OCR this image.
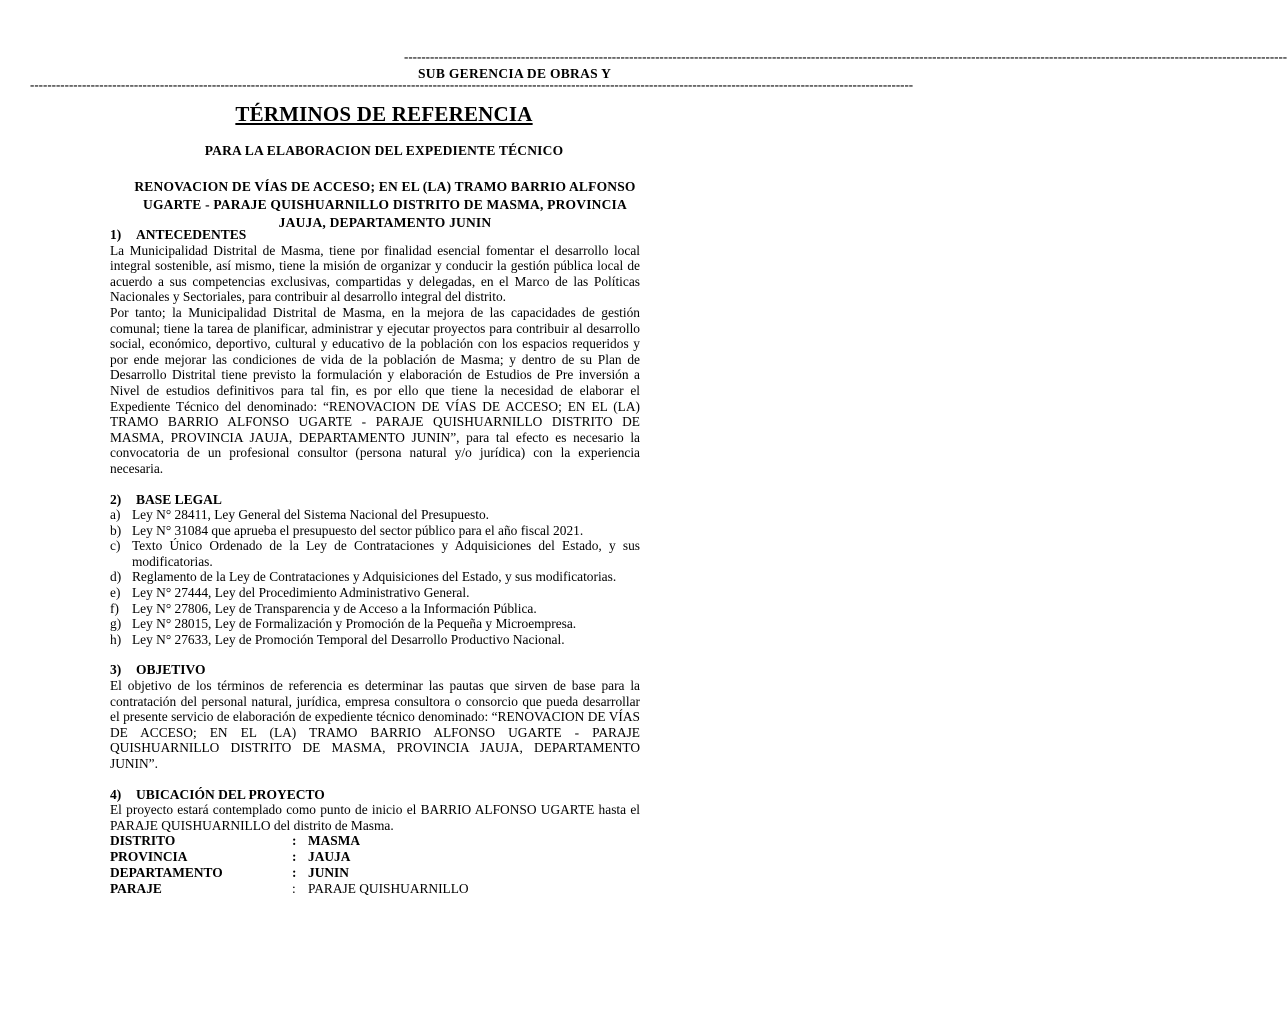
------------------------------------------------------------------------------------------------------------------------------------------------------------------------------------------------------------
SUB GERENCIA DE OBRAS Y
------------------------------------------------------------------------------------------------------------------------------------------------------------------------------------------------------------
TÉRMINOS DE REFERENCIA
PARA LA ELABORACION DEL EXPEDIENTE TÉCNICO
RENOVACION DE VÍAS DE ACCESO; EN EL (LA) TRAMO BARRIO ALFONSO UGARTE - PARAJE QUISHUARNILLO DISTRITO DE MASMA, PROVINCIA JAUJA, DEPARTAMENTO JUNIN
1) ANTECEDENTES

La Municipalidad Distrital de Masma, tiene por finalidad esencial fomentar el desarrollo local integral sostenible, así mismo, tiene la misión de organizar y conducir la gestión pública local de acuerdo a sus competencias exclusivas, compartidas y delegadas, en el Marco de las Políticas Nacionales y Sectoriales, para contribuir al desarrollo integral del distrito.

Por tanto; la Municipalidad Distrital de Masma, en la mejora de las capacidades de gestión comunal; tiene la tarea de planificar, administrar y ejecutar proyectos para contribuir al desarrollo social, económico, deportivo, cultural y educativo de la población con los espacios requeridos y por ende mejorar las condiciones de vida de la población de Masma; y dentro de su Plan de Desarrollo Distrital tiene previsto la formulación y elaboración de Estudios de Pre inversión a Nivel de estudios definitivos para tal fin, es por ello que tiene la necesidad de elaborar el Expediente Técnico del denominado: “RENOVACION DE VÍAS DE ACCESO; EN EL (LA) TRAMO BARRIO ALFONSO UGARTE - PARAJE QUISHUARNILLO DISTRITO DE MASMA, PROVINCIA JAUJA, DEPARTAMENTO JUNIN”, para tal efecto es necesario la convocatoria de un profesional consultor (persona natural y/o jurídica) con la experiencia necesaria.

2) BASE LEGAL
a) Ley N° 28411, Ley General del Sistema Nacional del Presupuesto.
b) Ley N° 31084 que aprueba el presupuesto del sector público para el año fiscal 2021.
c) Texto Único Ordenado de la Ley de Contrataciones y Adquisiciones del Estado, y sus modificatorias.
d) Reglamento de la Ley de Contrataciones y Adquisiciones del Estado, y sus modificatorias.
e) Ley N° 27444, Ley del Procedimiento Administrativo General.
f) Ley N° 27806, Ley de Transparencia y de Acceso a la Información Pública.
g) Ley N° 28015, Ley de Formalización y Promoción de la Pequeña y Microempresa.
h) Ley N° 27633, Ley de Promoción Temporal del Desarrollo Productivo Nacional.
3) OBJETIVO

El objetivo de los términos de referencia es determinar las pautas que sirven de base para la contratación del personal natural, jurídica, empresa consultora o consorcio que pueda desarrollar el presente servicio de elaboración de expediente técnico denominado: “RENOVACION DE VÍAS DE ACCESO; EN EL (LA) TRAMO BARRIO ALFONSO UGARTE - PARAJE QUISHUARNILLO DISTRITO DE MASMA, PROVINCIA JAUJA, DEPARTAMENTO JUNIN”.

4) UBICACIÓN DEL PROYECTO

El proyecto estará contemplado como punto de inicio el BARRIO ALFONSO UGARTE hasta el PARAJE QUISHUARNILLO del distrito de Masma.

DISTRITO	:	MASMA
PROVINCIA	:	JAUJA
DEPARTAMENTO	:	JUNIN
PARAJE	:	PARAJE QUISHUARNILLO
